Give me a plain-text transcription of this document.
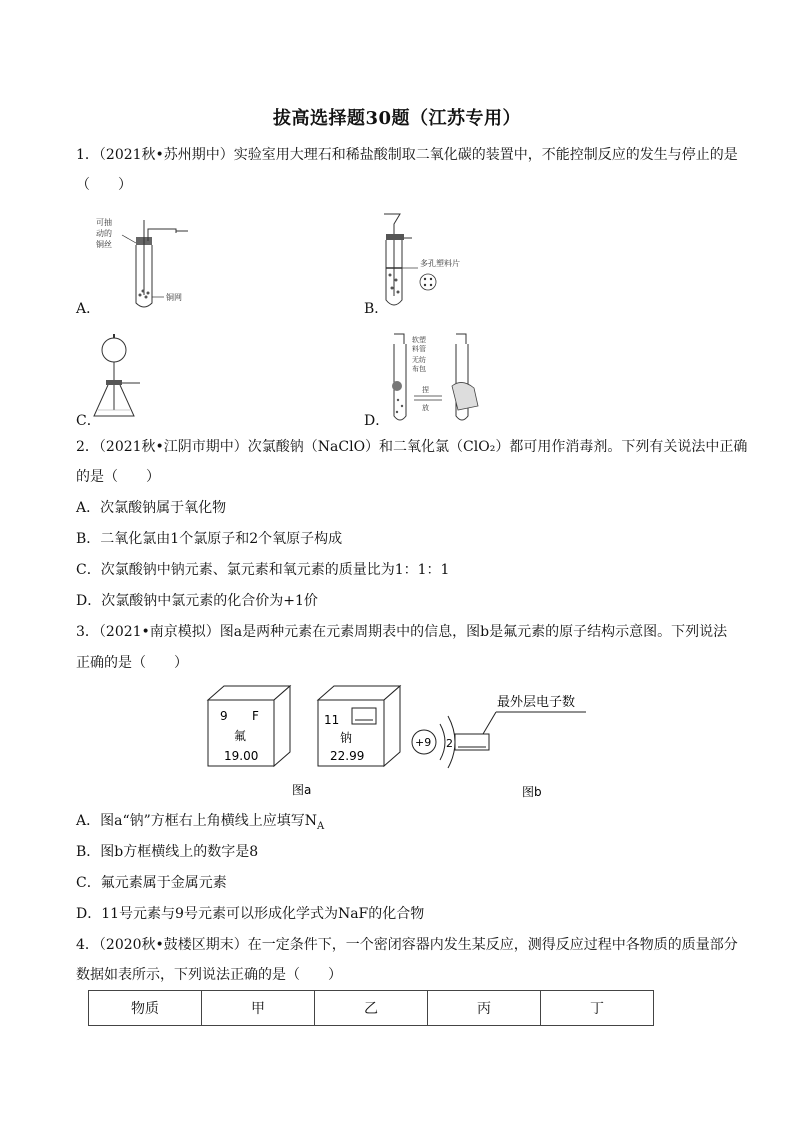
拔高选择题30题（江苏专用）
1．（2021秋•苏州期中）实验室用大理石和稀盐酸制取二氧化碳的装置中，不能控制反应的发生与停止的是
（　　）
可抽
动的
铜丝
铜网
A．
多孔塑料片
B．
C．
软塑
料管
无纺
布包
捏
放
D．
2．（2021秋•江阴市期中）次氯酸钠（NaClO）和二氧化氯（ClO₂）都可用作消毒剂。下列有关说法中正确
的是（　　）
A．次氯酸钠属于氧化物
B．二氧化氯由1个氯原子和2个氧原子构成
C．次氯酸钠中钠元素、氯元素和氧元素的质量比为1：1：1
D．次氯酸钠中氯元素的化合价为+1价
3．（2021•南京模拟）图a是两种元素在元素周期表中的信息，图b是氟元素的原子结构示意图。下列说法
正确的是（　　）
9 F
氟
19.00
11
钠
22.99
+9 2
最外层电子数
图a	图b
A．图a“钠”方框右上角横线上应填写$N_A$
B．图b方框横线上的数字是8
C．氟元素属于金属元素
D．11号元素与9号元素可以形成化学式为NaF的化合物
4．（2020秋•鼓楼区期末）在一定条件下，一个密闭容器内发生某反应，测得反应过程中各物质的质量部分
数据如表所示，下列说法正确的是（　　）
物质	甲	乙	丙	丁
